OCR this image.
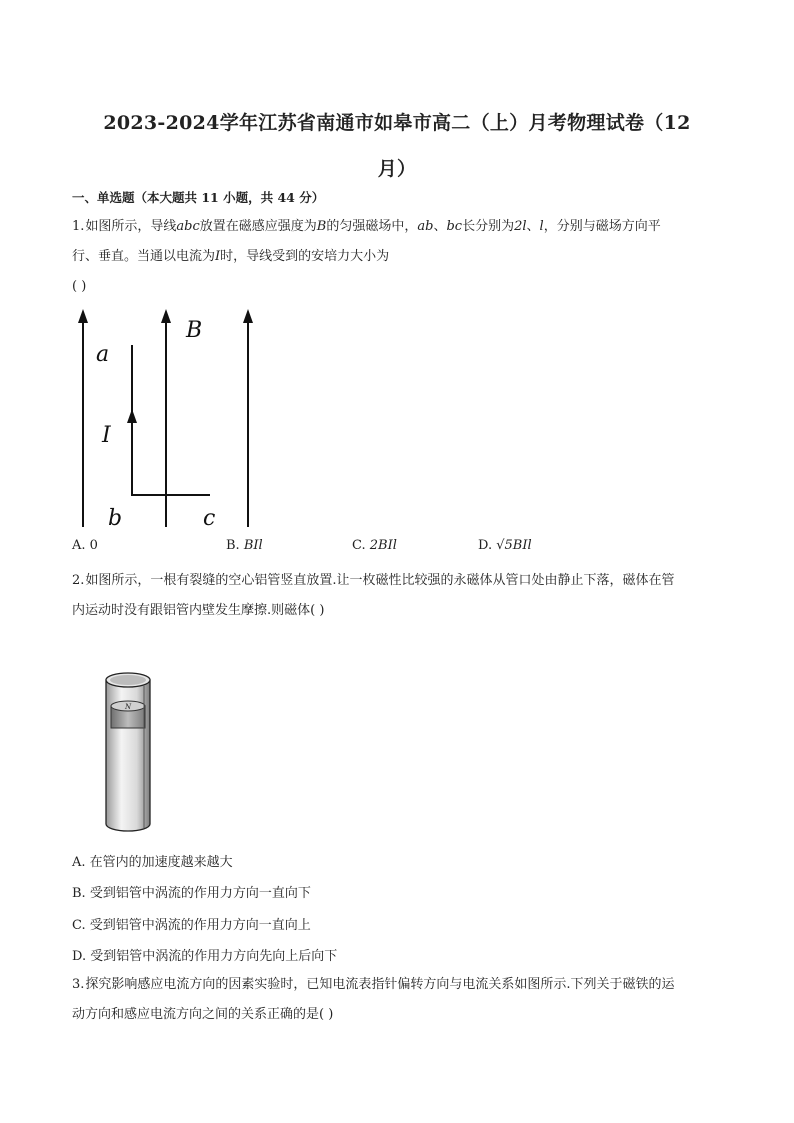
2023-2024学年江苏省南通市如皋市高二（上）月考物理试卷（12
月）
一、单选题（本大题共 11 小题，共 44 分）
1.如图所示，导线abc放置在磁感应强度为B的匀强磁场中，ab、bc长分别为2l、l，分别与磁场方向平
行、垂直。当通以电流为I时，导线受到的安培力大小为
( )
a
B
I
b	c
A. 0	B. BIl	C. 2BIl	D. √5BIl
2.如图所示，一根有裂缝的空心铝管竖直放置.让一枚磁性比较强的永磁体从管口处由静止下落，磁体在管
内运动时没有跟铝管内壁发生摩擦.则磁体( )
N
A. 在管内的加速度越来越大
B. 受到铝管中涡流的作用力方向一直向下
C. 受到铝管中涡流的作用力方向一直向上
D. 受到铝管中涡流的作用力方向先向上后向下
3.探究影响感应电流方向的因素实验时，已知电流表指针偏转方向与电流关系如图所示.下列关于磁铁的运
动方向和感应电流方向之间的关系正确的是( )
